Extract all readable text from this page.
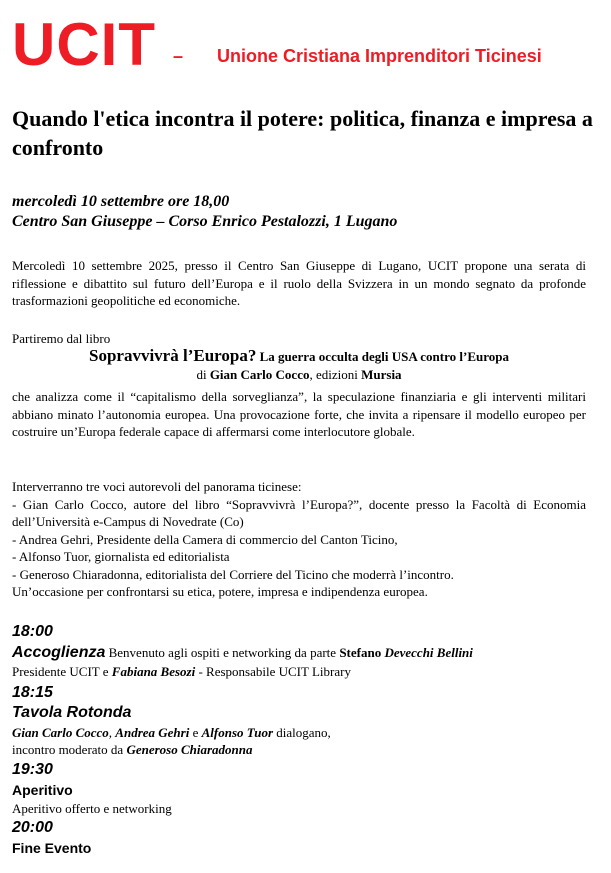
UCIT – Unione Cristiana Imprenditori Ticinesi
Quando l'etica incontra il potere: politica, finanza e impresa a confronto
mercoledì 10 settembre ore 18,00
Centro San Giuseppe – Corso Enrico Pestalozzi, 1 Lugano
Mercoledì 10 settembre 2025, presso il Centro San Giuseppe di Lugano, UCIT propone una serata di riflessione e dibattito sul futuro dell’Europa e il ruolo della Svizzera in un mondo segnato da profonde trasformazioni geopolitiche ed economiche.
Partiremo dal libro
Sopravvivrà l’Europa? La guerra occulta degli USA contro l’Europa
di Gian Carlo Cocco, edizioni Mursia
che analizza come il “capitalismo della sorveglianza”, la speculazione finanziaria e gli interventi militari abbiano minato l’autonomia europea. Una provocazione forte, che invita a ripensare il modello europeo per costruire un’Europa federale capace di affermarsi come interlocutore globale.
Interverranno tre voci autorevoli del panorama ticinese:
- Gian Carlo Cocco, autore del libro “Sopravvivrà l’Europa?”, docente presso la Facoltà di Economia dell’Università e-Campus di Novedrate (Co)
- Andrea Gehri, Presidente della Camera di commercio del Canton Ticino,
- Alfonso Tuor, giornalista ed editorialista
- Generoso Chiaradonna, editorialista del Corriere del Ticino che moderrà l’incontro.
Un’occasione per confrontarsi su etica, potere, impresa e indipendenza europea.
18:00
Accoglienza Benvenuto agli ospiti e networking da parte Stefano Devecchi Bellini
Presidente UCIT e Fabiana Besozi - Responsabile UCIT Library
18:15
Tavola Rotonda
Gian Carlo Cocco, Andrea Gehri e Alfonso Tuor dialogano,
incontro moderato da Generoso Chiaradonna
19:30
Aperitivo
Aperitivo offerto e networking
20:00
Fine Evento
